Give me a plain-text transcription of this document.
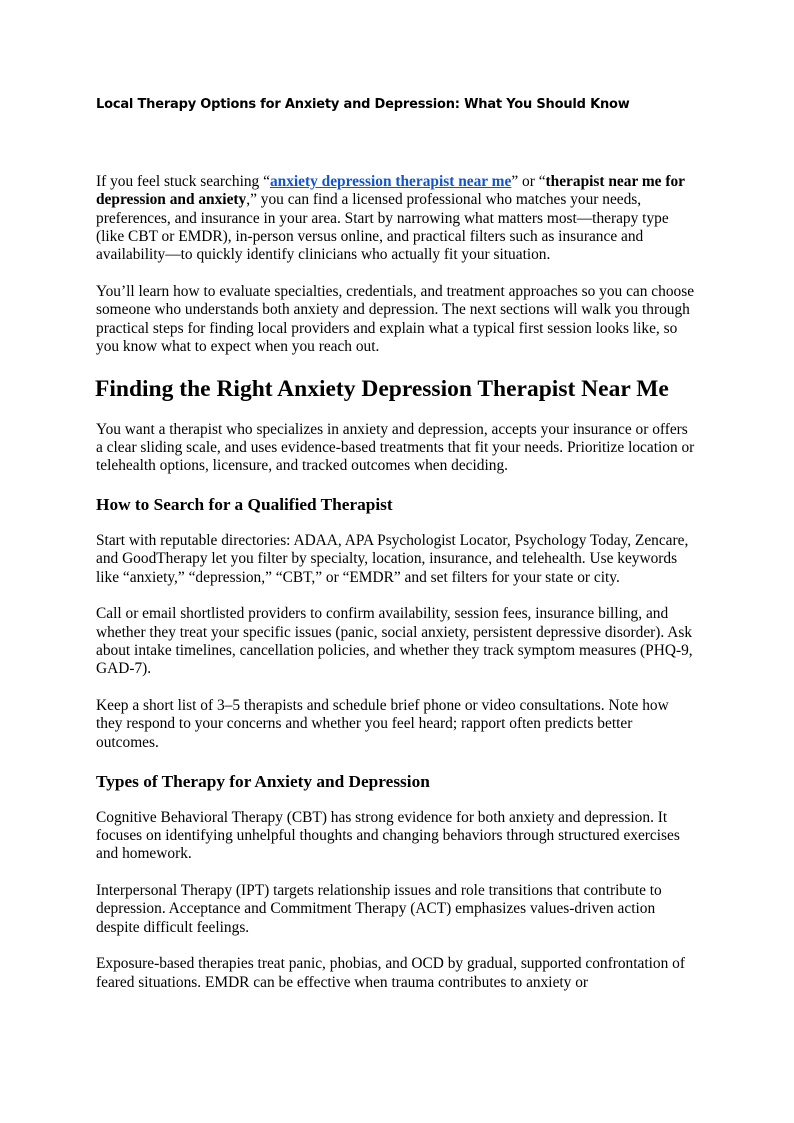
Local Therapy Options for Anxiety and Depression: What You Should Know

If you feel stuck searching “anxiety depression therapist near me” or “therapist near me for depression and anxiety,” you can find a licensed professional who matches your needs, preferences, and insurance in your area. Start by narrowing what matters most—therapy type (like CBT or EMDR), in-person versus online, and practical filters such as insurance and availability—to quickly identify clinicians who actually fit your situation.

You’ll learn how to evaluate specialties, credentials, and treatment approaches so you can choose someone who understands both anxiety and depression. The next sections will walk you through practical steps for finding local providers and explain what a typical first session looks like, so you know what to expect when you reach out.

Finding the Right Anxiety Depression Therapist Near Me

You want a therapist who specializes in anxiety and depression, accepts your insurance or offers a clear sliding scale, and uses evidence-based treatments that fit your needs. Prioritize location or telehealth options, licensure, and tracked outcomes when deciding.

How to Search for a Qualified Therapist

Start with reputable directories: ADAA, APA Psychologist Locator, Psychology Today, Zencare, and GoodTherapy let you filter by specialty, location, insurance, and telehealth. Use keywords like “anxiety,” “depression,” “CBT,” or “EMDR” and set filters for your state or city.

Call or email shortlisted providers to confirm availability, session fees, insurance billing, and whether they treat your specific issues (panic, social anxiety, persistent depressive disorder). Ask about intake timelines, cancellation policies, and whether they track symptom measures (PHQ-9, GAD-7).

Keep a short list of 3–5 therapists and schedule brief phone or video consultations. Note how they respond to your concerns and whether you feel heard; rapport often predicts better outcomes.

Types of Therapy for Anxiety and Depression

Cognitive Behavioral Therapy (CBT) has strong evidence for both anxiety and depression. It focuses on identifying unhelpful thoughts and changing behaviors through structured exercises and homework.

Interpersonal Therapy (IPT) targets relationship issues and role transitions that contribute to depression. Acceptance and Commitment Therapy (ACT) emphasizes values-driven action despite difficult feelings.

Exposure-based therapies treat panic, phobias, and OCD by gradual, supported confrontation of feared situations. EMDR can be effective when trauma contributes to anxiety or
